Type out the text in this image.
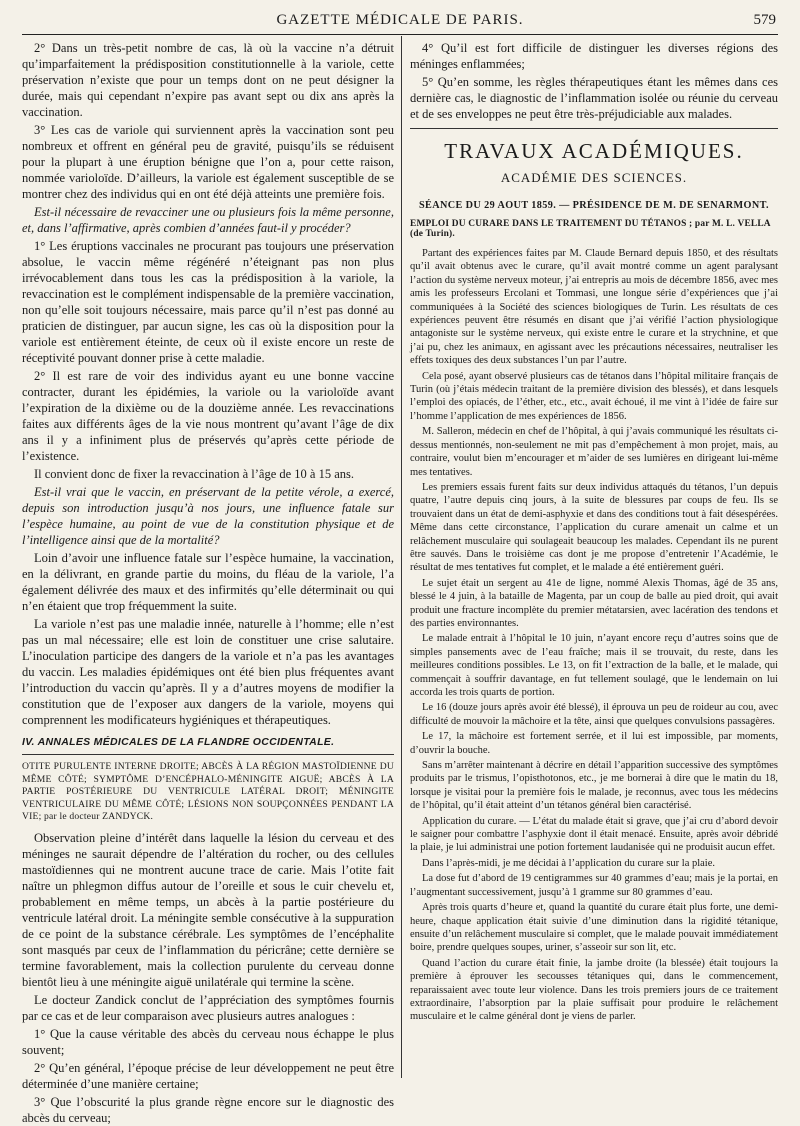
GAZETTE MÉDICALE DE PARIS.	579

2° Dans un très-petit nombre de cas, là où la vaccine n’a détruit qu’imparfaitement la prédisposition constitutionnelle à la variole, cette préservation n’existe que pour un temps dont on ne peut désigner la durée, mais qui cependant n’expire pas avant sept ou dix ans après la vaccination.

3° Les cas de variole qui surviennent après la vaccination sont peu nombreux et offrent en général peu de gravité, puisqu’ils se réduisent pour la plupart à une éruption bénigne que l’on a, pour cette raison, nommée varioloïde. D’ailleurs, la variole est également susceptible de se montrer chez des individus qui en ont été déjà atteints une première fois.

Est-il nécessaire de revacciner une ou plusieurs fois la même personne, et, dans l’affirmative, après combien d’années faut-il y procéder?

1° Les éruptions vaccinales ne procurant pas toujours une préservation absolue, le vaccin même régénéré n’éteignant pas non plus irrévocablement dans tous les cas la prédisposition à la variole, la revaccination est le complément indispensable de la première vaccination, non qu’elle soit toujours nécessaire, mais parce qu’il n’est pas donné au praticien de distinguer, par aucun signe, les cas où la disposition pour la variole est entièrement éteinte, de ceux où il existe encore un reste de réceptivité pouvant donner prise à cette maladie.

2° Il est rare de voir des individus ayant eu une bonne vaccine contracter, durant les épidémies, la variole ou la varioloïde avant l’expiration de la dixième ou de la douzième année. Les revaccinations faites aux différents âges de la vie nous montrent qu’avant l’âge de dix ans il y a infiniment plus de préservés qu’après cette période de l’existence.

Il convient donc de fixer la revaccination à l’âge de 10 à 15 ans.

Est-il vrai que le vaccin, en préservant de la petite vérole, a exercé, depuis son introduction jusqu’à nos jours, une influence fatale sur l’espèce humaine, au point de vue de la constitution physique et de l’intelligence ainsi que de la mortalité?

Loin d’avoir une influence fatale sur l’espèce humaine, la vaccination, en la délivrant, en grande partie du moins, du fléau de la variole, l’a également délivrée des maux et des infirmités qu’elle déterminait ou qui n’en étaient que trop fréquemment la suite.

La variole n’est pas une maladie innée, naturelle à l’homme; elle n’est pas un mal nécessaire; elle est loin de constituer une crise salutaire. L’inoculation participe des dangers de la variole et n’a pas les avantages du vaccin. Les maladies épidémiques ont été bien plus fréquentes avant l’introduction du vaccin qu’après. Il y a d’autres moyens de modifier la constitution que de l’exposer aux dangers de la variole, moyens qui comprennent les modificateurs hygiéniques et thérapeutiques.

IV. ANNALES MÉDICALES DE LA FLANDRE OCCIDENTALE.
OTITE PURULENTE INTERNE DROITE; ABCÈS À LA RÉGION MASTOÏDIENNE DU MÊME CÔTÉ; SYMPTÔME D’ENCÉPHALO-MÉNINGITE AIGUË; ABCÈS À LA PARTIE POSTÉRIEURE DU VENTRICULE LATÉRAL DROIT; MÉNINGITE VENTRICULAIRE DU MÊME CÔTÉ; LÉSIONS NON SOUPÇONNÉES PENDANT LA VIE; par le docteur ZANDYCK.

Observation pleine d’intérêt dans laquelle la lésion du cerveau et des méninges ne saurait dépendre de l’altération du rocher, ou des cellules mastoïdiennes qui ne montrent aucune trace de carie. Mais l’otite fait naître un phlegmon diffus autour de l’oreille et sous le cuir chevelu et, probablement en même temps, un abcès à la partie postérieure du ventricule latéral droit. La méningite semble consécutive à la suppuration de ce point de la substance cérébrale. Les symptômes de l’encéphalite sont masqués par ceux de l’inflammation du péricrâne; cette dernière se termine favorablement, mais la collection purulente du cerveau donne bientôt lieu à une méningite aiguë unilatérale qui termine la scène.

Le docteur Zandick conclut de l’appréciation des symptômes fournis par ce cas et de leur comparaison avec plusieurs autres analogues :

1° Que la cause véritable des abcès du cerveau nous échappe le plus souvent;

2° Qu’en général, l’époque précise de leur développement ne peut être déterminée d’une manière certaine;

3° Que l’obscurité la plus grande règne encore sur le diagnostic des abcès du cerveau;

4° Qu’il est fort difficile de distinguer les diverses régions des méninges enflammées;

5° Qu’en somme, les règles thérapeutiques étant les mêmes dans ces dernière cas, le diagnostic de l’inflammation isolée ou réunie du cerveau et de ses enveloppes ne peut être très-préjudiciable aux malades.

TRAVAUX ACADÉMIQUES.
ACADÉMIE DES SCIENCES.
SÉANCE DU 29 AOUT 1859. — PRÉSIDENCE DE M. DE SENARMONT.
EMPLOI DU CURARE DANS LE TRAITEMENT DU TÉTANOS ; par M. L. VELLA (de Turin).

Partant des expériences faites par M. Claude Bernard depuis 1850, et des résultats qu’il avait obtenus avec le curare, qu’il avait montré comme un agent paralysant l’action du système nerveux moteur, j’ai entrepris au mois de décembre 1856, avec mes amis les professeurs Ercolani et Tommasi, une longue série d’expériences que j’ai communiquées à la Société des sciences biologiques de Turin. Les résultats de ces expériences peuvent être résumés en disant que j’ai vérifié l’action physiologique antagoniste sur le système nerveux, qui existe entre le curare et la strychnine, et que j’ai pu, chez les animaux, en agissant avec les précautions nécessaires, neutraliser les effets toxiques des deux substances l’un par l’autre.

Cela posé, ayant observé plusieurs cas de tétanos dans l’hôpital militaire français de Turin (où j’étais médecin traitant de la première division des blessés), et dans lesquels l’emploi des opiacés, de l’éther, etc., etc., avait échoué, il me vint à l’idée de faire sur l’homme l’application de mes expériences de 1856.

M. Salleron, médecin en chef de l’hôpital, à qui j’avais communiqué les résultats ci-dessus mentionnés, non-seulement ne mit pas d’empêchement à mon projet, mais, au contraire, voulut bien m’encourager et m’aider de ses lumières en dirigeant lui-même mes tentatives.

Les premiers essais furent faits sur deux individus attaqués du tétanos, l’un depuis quatre, l’autre depuis cinq jours, à la suite de blessures par coups de feu. Ils se trouvaient dans un état de demi-asphyxie et dans des conditions tout à fait désespérées. Même dans cette circonstance, l’application du curare amenait un calme et un relâchement musculaire qui soulageait beaucoup les malades. Cependant ils ne purent être sauvés. Dans le troisième cas dont je me propose d’entretenir l’Académie, le résultat de mes tentatives fut complet, et le malade a été entièrement guéri.

Le sujet était un sergent au 41e de ligne, nommé Alexis Thomas, âgé de 35 ans, blessé le 4 juin, à la bataille de Magenta, par un coup de balle au pied droit, qui avait produit une fracture incomplète du premier métatarsien, avec lacération des tendons et des parties environnantes.

Le malade entrait à l’hôpital le 10 juin, n’ayant encore reçu d’autres soins que de simples pansements avec de l’eau fraîche; mais il se trouvait, du reste, dans les meilleures conditions possibles. Le 13, on fit l’extraction de la balle, et le malade, qui commençait à souffrir davantage, en fut tellement soulagé, que le lendemain on lui accorda les trois quarts de portion.

Le 16 (douze jours après avoir été blessé), il éprouva un peu de roideur au cou, avec difficulté de mouvoir la mâchoire et la tête, ainsi que quelques convulsions passagères.

Le 17, la mâchoire est fortement serrée, et il lui est impossible, par moments, d’ouvrir la bouche.

Sans m’arrêter maintenant à décrire en détail l’apparition successive des symptômes produits par le trismus, l’opisthotonos, etc., je me bornerai à dire que le matin du 18, lorsque je visitai pour la première fois le malade, je reconnus, avec tous les médecins de l’hôpital, qu’il était atteint d’un tétanos général bien caractérisé.

Application du curare. — L’état du malade était si grave, que j’ai cru d’abord devoir le saigner pour combattre l’asphyxie dont il était menacé. Ensuite, après avoir débridé la plaie, je lui administrai une potion fortement laudanisée qui ne produisit aucun effet.

Dans l’après-midi, je me décidai à l’application du curare sur la plaie.

La dose fut d’abord de 19 centigrammes sur 40 grammes d’eau; mais je la portai, en l’augmentant successivement, jusqu’à 1 gramme sur 80 grammes d’eau.

Après trois quarts d’heure et, quand la quantité du curare était plus forte, une demi-heure, chaque application était suivie d’une diminution dans la rigidité tétanique, ensuite d’un relâchement musculaire si complet, que le malade pouvait immédiatement boire, prendre quelques soupes, uriner, s’asseoir sur son lit, etc.

Quand l’action du curare était finie, la jambe droite (la blessée) était toujours la première à éprouver les secousses tétaniques qui, dans le commencement, reparaissaient avec toute leur violence. Dans les trois premiers jours de ce traitement extraordinaire, l’absorption par la plaie suffisait pour produire le relâchement musculaire et le calme général dont je viens de parler.
